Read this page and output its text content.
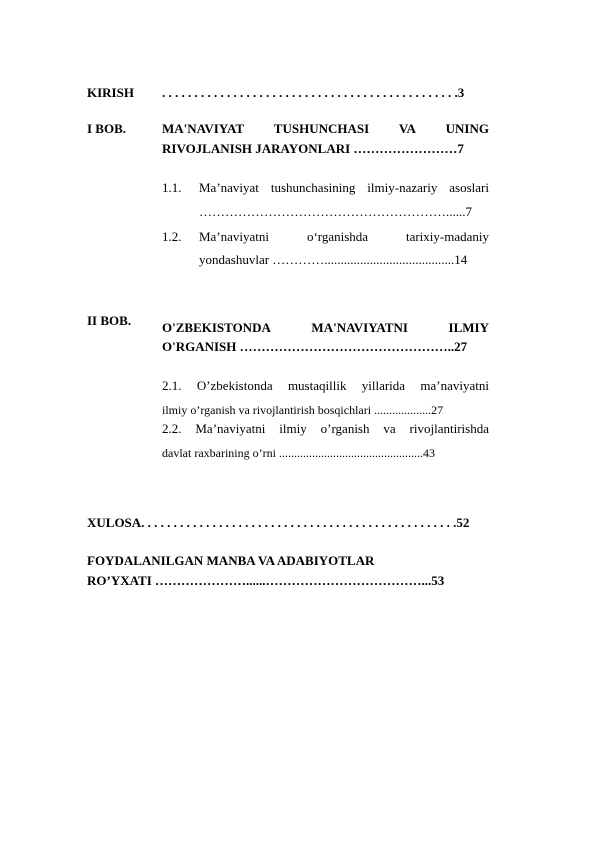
KIRISH . . . . . . . . . . . . . . . . . . . . . . . . . . . . . . . . . . . . . . . . . . . . . .3
I BOB.	MA'NAVIYAT TUSHUNCHASI VA UNING
RIVOJLANISH JARAYONLARI ……………………7
1.1. Ma’naviyat tushunchasining ilmiy-nazariy asoslari
…………………………………………………......7
1.2. Ma’naviyatni	o‘rganishda	tarixiy-madaniy
yondashuvlar …………........................................14
II BOB. O'ZBEKISTONDA	MA'NAVIYATNI	ILMIY
O'RGANISH …………………………………………..27
2.1. O’zbekistonda mustaqillik yillarida ma’naviyatni
ilmiy o’rganish va rivojlantirish bosqichlari ...................27
2.2. Ma’naviyatni ilmiy o’rganish va rivojlantirishda
davlat raxbarining o’rni ................................................43
XULOSA. . . . . . . . . . . . . . . . . . . . . . . . . . . . . . . . . . . . . . . . . . . . . . . . .52
FOYDALANILGAN MANBA VA ADABIYOTLAR
RO’YXATI …………………......………………………………...53
